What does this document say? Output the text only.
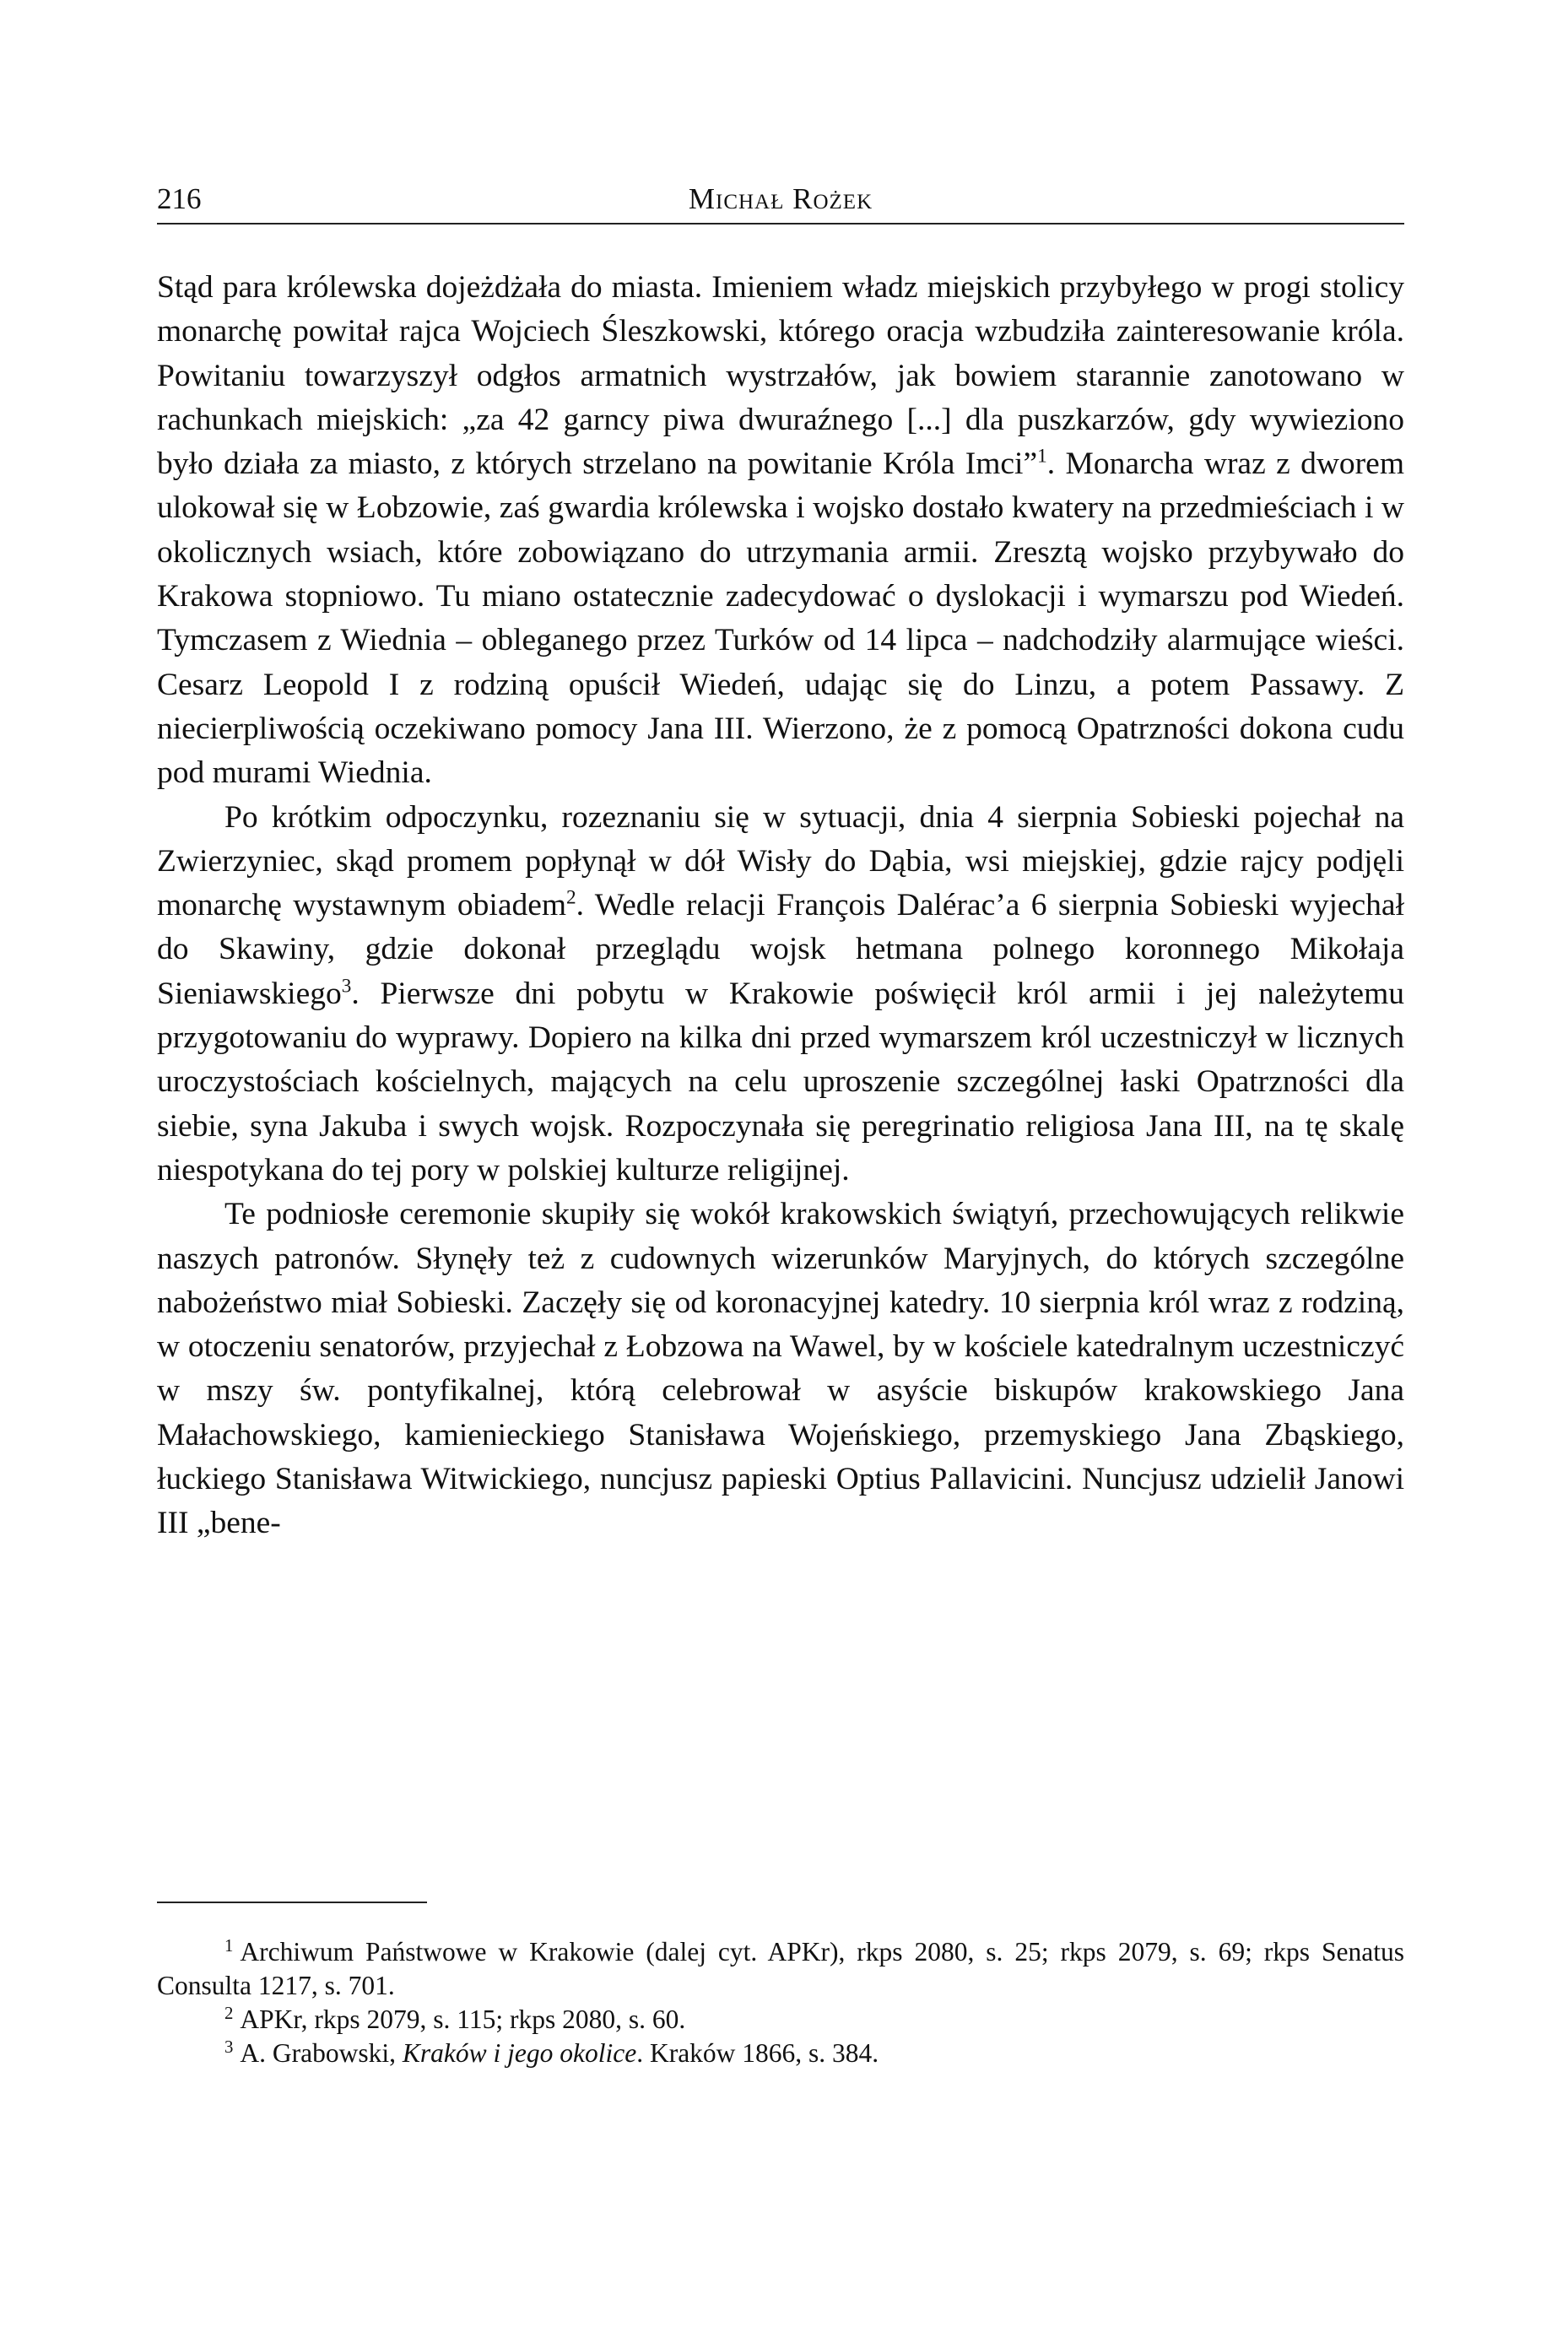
216	Michał Rożek

Stąd para królewska dojeżdżała do miasta. Imieniem władz miejskich przybyłego w progi stolicy monarchę powitał rajca Wojciech Śleszkowski, którego oracja wzbudziła zainteresowanie króla. Powitaniu towarzyszył odgłos armatnich wystrzałów, jak bowiem starannie zanotowano w rachunkach miejskich: „za 42 garncy piwa dwuraźnego [...] dla puszkarzów, gdy wywieziono było działa za miasto, z których strzelano na powitanie Króla Imci”$^1$. Monarcha wraz z dworem ulokował się w Łobzowie, zaś gwardia królewska i wojsko dostało kwatery na przedmieściach i w okolicznych wsiach, które zobowiązano do utrzymania armii. Zresztą wojsko przybywało do Krakowa stopniowo. Tu miano ostatecznie zadecydować o dyslokacji i wymarszu pod Wiedeń. Tymczasem z Wiednia – obleganego przez Turków od 14 lipca – nadchodziły alarmujące wieści. Cesarz Leopold I z rodziną opuścił Wiedeń, udając się do Linzu, a potem Passawy. Z niecierpliwością oczekiwano pomocy Jana III. Wierzono, że z pomocą Opatrzności dokona cudu pod murami Wiednia.

Po krótkim odpoczynku, rozeznaniu się w sytuacji, dnia 4 sierpnia Sobieski pojechał na Zwierzyniec, skąd promem popłynął w dół Wisły do Dąbia, wsi miejskiej, gdzie rajcy podjęli monarchę wystawnym obiadem$^2$. Wedle relacji François Dalérac’a 6 sierpnia Sobieski wyjechał do Skawiny, gdzie dokonał przeglądu wojsk hetmana polnego koronnego Mikołaja Sieniawskiego$^3$. Pierwsze dni pobytu w Krakowie poświęcił król armii i jej należytemu przygotowaniu do wyprawy. Dopiero na kilka dni przed wymarszem król uczestniczył w licznych uroczystościach kościelnych, mających na celu uproszenie szczególnej łaski Opatrzności dla siebie, syna Jakuba i swych wojsk. Rozpoczynała się peregrinatio religiosa Jana III, na tę skalę niespotykana do tej pory w polskiej kulturze religijnej.

Te podniosłe ceremonie skupiły się wokół krakowskich świątyń, przechowujących relikwie naszych patronów. Słynęły też z cudownych wizerunków Maryjnych, do których szczególne nabożeństwo miał Sobieski. Zaczęły się od koronacyjnej katedry. 10 sierpnia król wraz z rodziną, w otoczeniu senatorów, przyjechał z Łobzowa na Wawel, by w kościele katedralnym uczestniczyć w mszy św. pontyfikalnej, którą celebrował w asyście biskupów krakowskiego Jana Małachowskiego, kamienieckiego Stanisława Wojeńskiego, przemyskiego Jana Zbąskiego, łuckiego Stanisława Witwickiego, nuncjusz papieski Optius Pallavicini. Nuncjusz udzielił Janowi III „bene-

$^1$ Archiwum Państwowe w Krakowie (dalej cyt. APKr), rkps 2080, s. 25; rkps 2079, s. 69; rkps Senatus Consulta 1217, s. 701.

$^2$ APKr, rkps 2079, s. 115; rkps 2080, s. 60.

$^3$ A. Grabowski, Kraków i jego okolice. Kraków 1866, s. 384.
